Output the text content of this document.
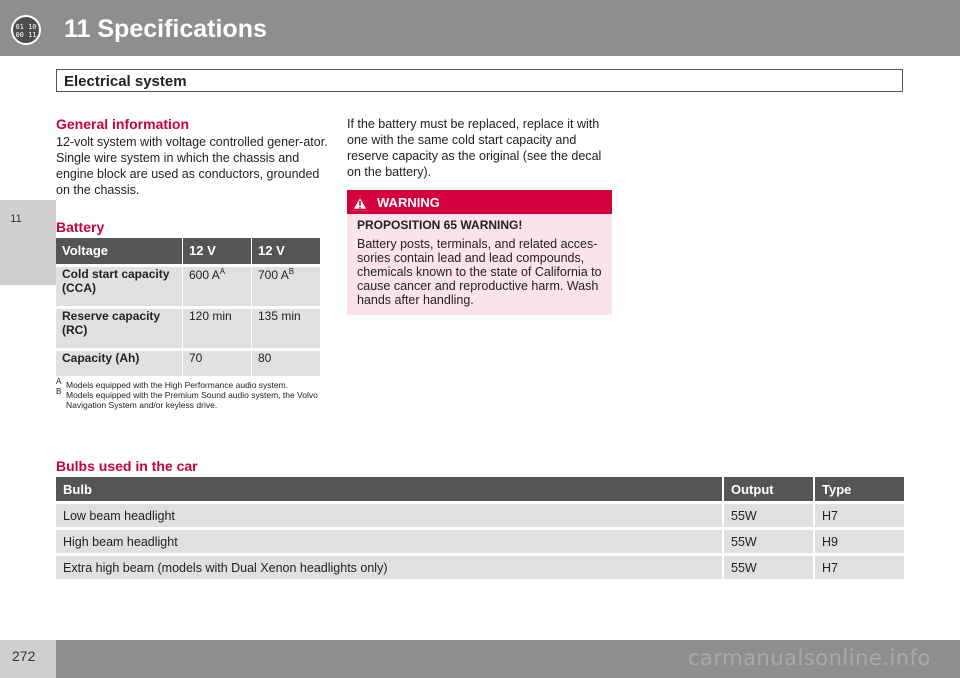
01 10
00 11 11 Specifications
11
Electrical system
General information

12-volt system with voltage controlled gener-ator. Single wire system in which the chassis and engine block are used as conductors, grounded on the chassis.

Battery
Voltage	12 V	12 V
Cold start capacity (CCA)	600 $A^A$	700 $A^B$
Reserve capacity (RC)	120 min	135 min
Capacity (Ah)	70	80
A Models equipped with the High Performance audio system.
B Models equipped with the Premium Sound audio system, the Volvo Navigation System and/or keyless drive.

If the battery must be replaced, replace it with one with the same cold start capacity and reserve capacity as the original (see the decal on the battery).

WARNING
PROPOSITION 65 WARNING!
Battery posts, terminals, and related acces-sories contain lead and lead compounds, chemicals known to the state of California to cause cancer and reproductive harm. Wash hands after handling.
Bulbs used in the car
Bulb	Output	Type
Low beam headlight	55W	H7
High beam headlight	55W	H9
Extra high beam (models with Dual Xenon headlights only)	55W	H7
272	carmanualsonline.info
